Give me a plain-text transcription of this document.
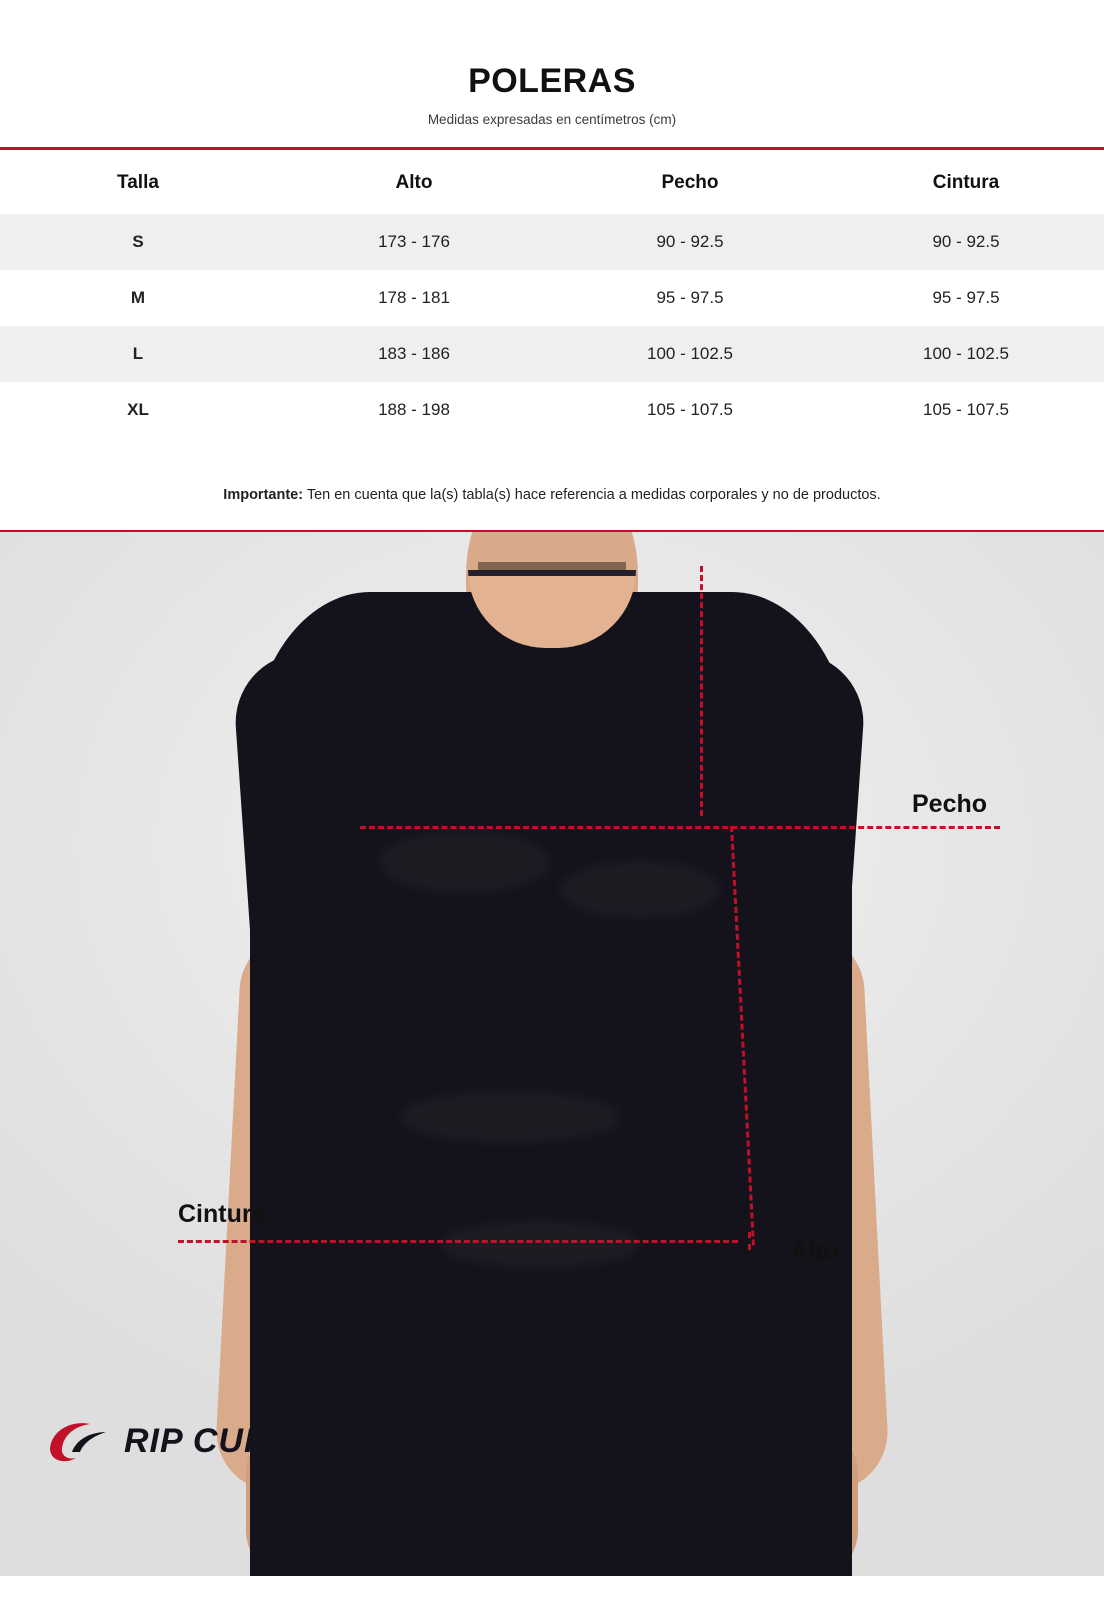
POLERAS

Medidas expresadas en centímetros (cm)

Talla	Alto	Pecho	Cintura
S	173 - 176	90 - 92.5	90 - 92.5
M	178 - 181	95 - 97.5	95 - 97.5
L	183 - 186	100 - 102.5	100 - 102.5
XL	188 - 198	105 - 107.5	105 - 107.5
Importante: Ten en cuenta que la(s) tabla(s) hace referencia a medidas corporales y no de productos.
Pecho
Alto
Cintura
RIP CURL
